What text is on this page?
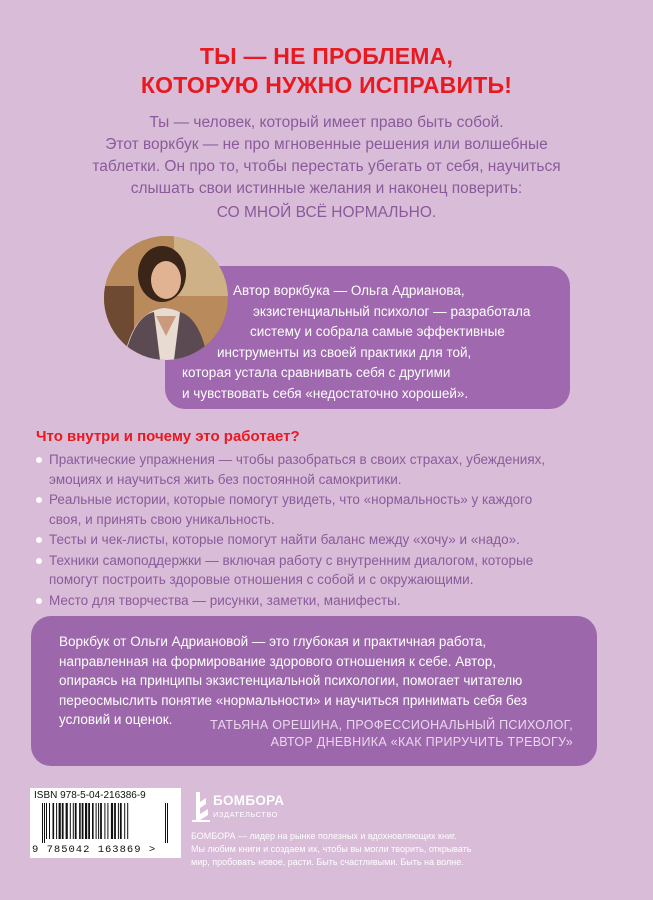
ТЫ — НЕ ПРОБЛЕМА,
КОТОРУЮ НУЖНО ИСПРАВИТЬ!
Ты — человек, который имеет право быть собой.
Этот воркбук — не про мгновенные решения или волшебные
таблетки. Он про то, чтобы перестать убегать от себя, научиться
слышать свои истинные желания и наконец поверить:
СО МНОЙ ВСЁ НОРМАЛЬНО.
Автор воркбука — Ольга Адрианова,
экзистенциальный психолог — разработала
систему и собрала самые эффективные
инструменты из своей практики для той,
которая устала сравнивать себя с другими
и чувствовать себя «недостаточно хорошей».
Что внутри и почему это работает?
Практические упражнения — чтобы разобраться в своих страхах, убеждениях,
эмоциях и научиться жить без постоянной самокритики.
Реальные истории, которые помогут увидеть, что «нормальность» у каждого
своя, и принять свою уникальность.
Тесты и чек-листы, которые помогут найти баланс между «хочу» и «надо».
Техники самоподдержки — включая работу с внутренним диалогом, которые
помогут построить здоровые отношения с собой и с окружающими.
Место для творчества — рисунки, заметки, манифесты.
Воркбук от Ольги Адриановой — это глубокая и практичная работа,
направленная на формирование здорового отношения к себе. Автор,
опираясь на принципы экзистенциальной психологии, помогает читателю
переосмыслить понятие «нормальности» и научиться принимать себя без
условий и оценок.	ТАТЬЯНА ОРЕШИНА, ПРОФЕССИОНАЛЬНЫЙ ПСИХОЛОГ,
АВТОР ДНЕВНИКА «КАК ПРИРУЧИТЬ ТРЕВОГУ»
ISBN 978-5-04-216386-9
9 785042 163869 >
БОМБОРА
ИЗДАТЕЛЬСТВО
БОМБОРА — лидер на рынке полезных и вдохновляющих книг.
Мы любим книги и создаем их, чтобы вы могли творить, открывать
мир, пробовать новое, расти. Быть счастливыми. Быть на волне.
